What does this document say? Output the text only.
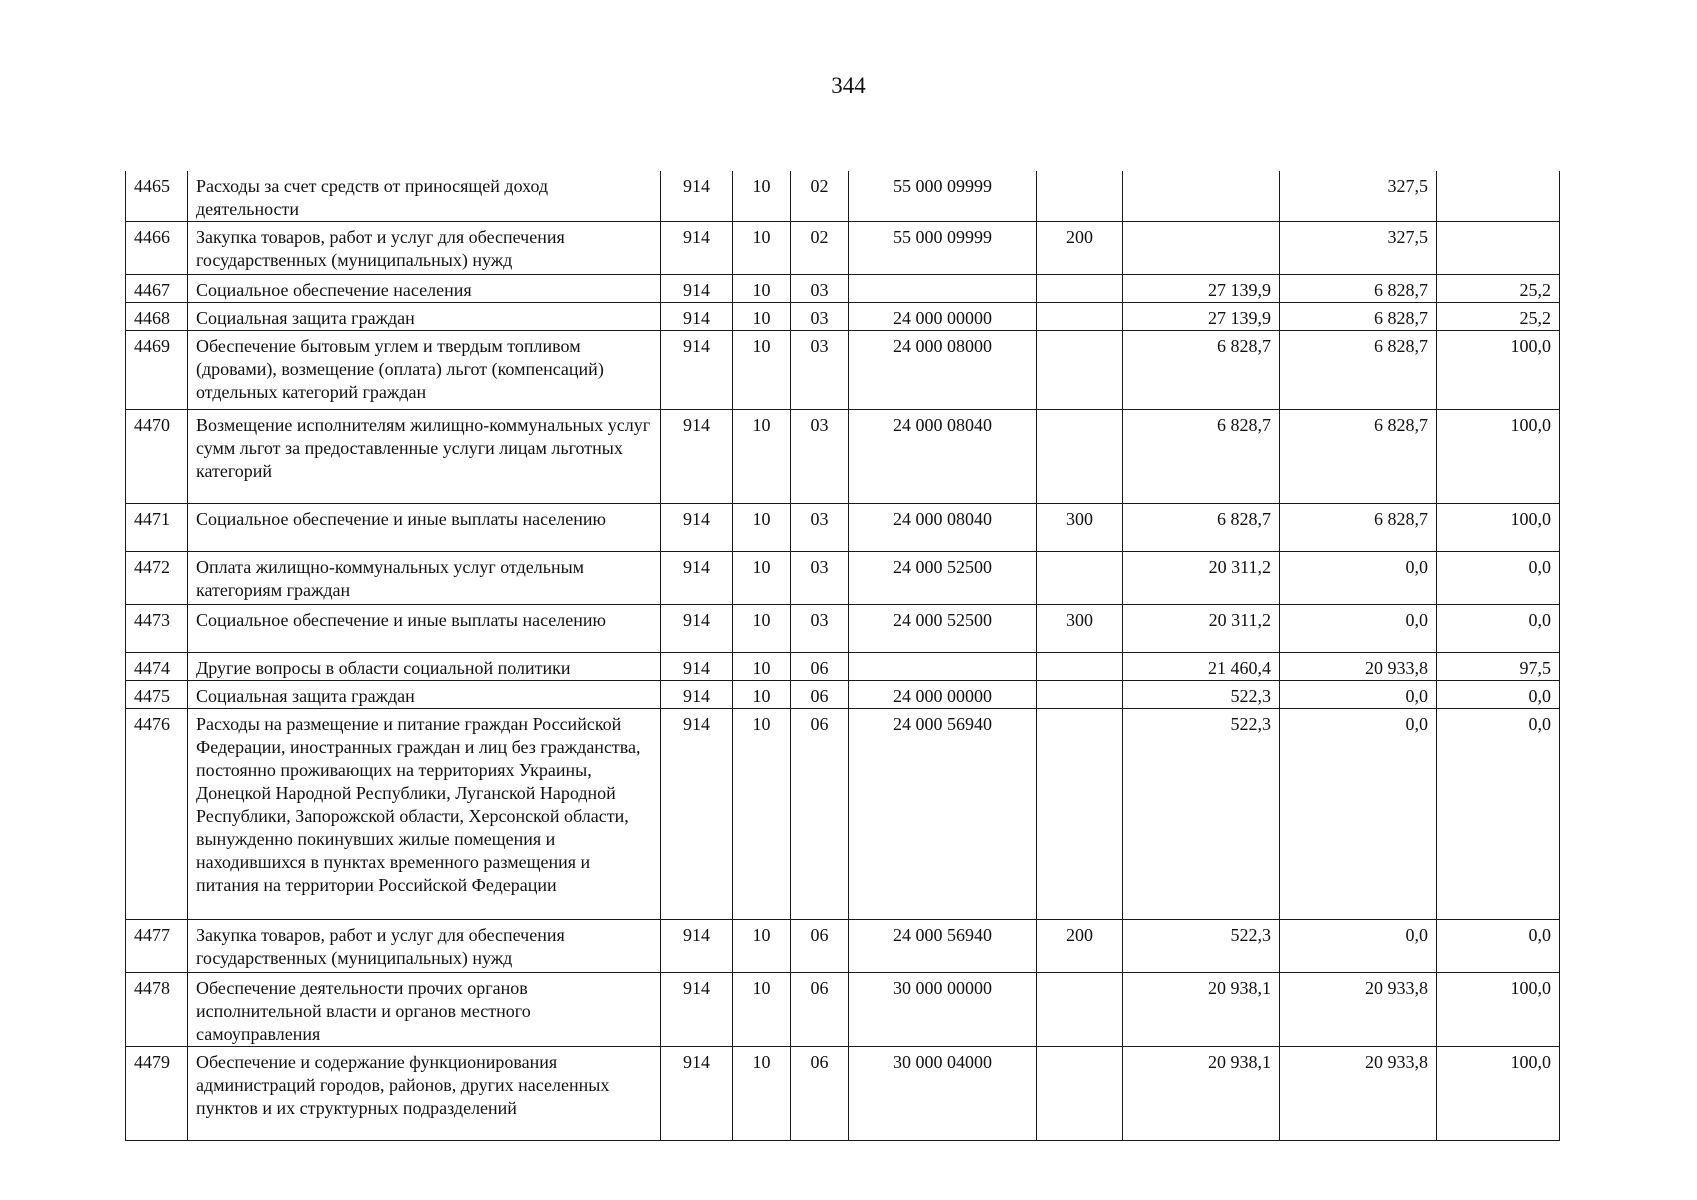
344
4465	Расходы за счет средств от приносящей доход деятельности	914	10	02	55 000 09999			327,5	
4466	Закупка товаров, работ и услуг для обеспечения государственных (муниципальных) нужд	914	10	02	55 000 09999	200		327,5	
4467	Социальное обеспечение населения	914	10	03			27 139,9	6 828,7	25,2
4468	Социальная защита граждан	914	10	03	24 000 00000		27 139,9	6 828,7	25,2
4469	Обеспечение бытовым углем и твердым топливом (дровами), возмещение (оплата) льгот (компенсаций) отдельных категорий граждан	914	10	03	24 000 08000		6 828,7	6 828,7	100,0
4470	Возмещение исполнителям жилищно-коммунальных услуг сумм льгот за предоставленные услуги лицам льготных категорий	914	10	03	24 000 08040		6 828,7	6 828,7	100,0
4471	Социальное обеспечение и иные выплаты населению	914	10	03	24 000 08040	300	6 828,7	6 828,7	100,0
4472	Оплата жилищно-коммунальных услуг отдельным категориям граждан	914	10	03	24 000 52500		20 311,2	0,0	0,0
4473	Социальное обеспечение и иные выплаты населению	914	10	03	24 000 52500	300	20 311,2	0,0	0,0
4474	Другие вопросы в области социальной политики	914	10	06			21 460,4	20 933,8	97,5
4475	Социальная защита граждан	914	10	06	24 000 00000		522,3	0,0	0,0
4476	Расходы на размещение и питание граждан Российской Федерации, иностранных граждан и лиц без гражданства, постоянно проживающих на территориях Украины, Донецкой Народной Республики, Луганской Народной Республики, Запорожской области, Херсонской области, вынужденно покинувших жилые помещения и находившихся в пунктах временного размещения и питания на территории Российской Федерации	914	10	06	24 000 56940		522,3	0,0	0,0
4477	Закупка товаров, работ и услуг для обеспечения государственных (муниципальных) нужд	914	10	06	24 000 56940	200	522,3	0,0	0,0
4478	Обеспечение деятельности прочих органов исполнительной власти и органов местного самоуправления	914	10	06	30 000 00000		20 938,1	20 933,8	100,0
4479	Обеспечение и содержание функционирования администраций городов, районов, других населенных пунктов и их структурных подразделений	914	10	06	30 000 04000		20 938,1	20 933,8	100,0
